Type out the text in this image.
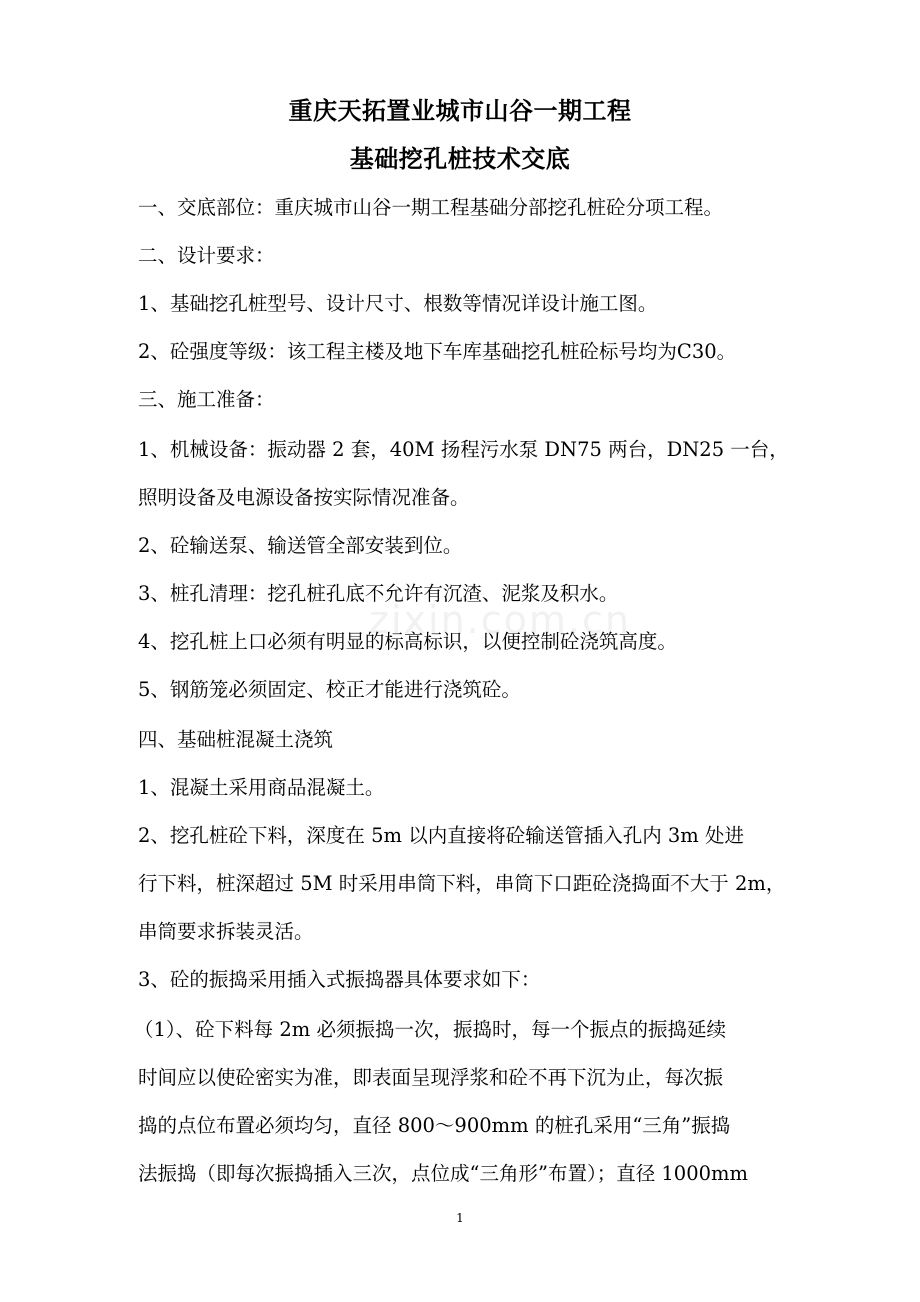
zixin.com.cn
重庆天拓置业城市山谷一期工程
基础挖孔桩技术交底
一、交底部位：重庆城市山谷一期工程基础分部挖孔桩砼分项工程。
二、设计要求：
1、基础挖孔桩型号、设计尺寸、根数等情况详设计施工图。
2、砼强度等级：该工程主楼及地下车库基础挖孔桩砼标号均为C30。
三、施工准备：
1、机械设备：振动器 2 套，40M 扬程污水泵 DN75 两台，DN25 一台，
照明设备及电源设备按实际情况准备。
2、砼输送泵、输送管全部安装到位。
3、桩孔清理：挖孔桩孔底不允许有沉渣、泥浆及积水。
4、挖孔桩上口必须有明显的标高标识，以便控制砼浇筑高度。
5、钢筋笼必须固定、校正才能进行浇筑砼。
四、基础桩混凝土浇筑
1、混凝土采用商品混凝土。
2、挖孔桩砼下料，深度在 5m 以内直接将砼输送管插入孔内 3m 处进
行下料，桩深超过 5M 时采用串筒下料，串筒下口距砼浇捣面不大于 2m，
串筒要求拆装灵活。
3、砼的振捣采用插入式振捣器具体要求如下：
（1）、砼下料每 2m 必须振捣一次，振捣时，每一个振点的振捣延续
时间应以使砼密实为准，即表面呈现浮浆和砼不再下沉为止，每次振
捣的点位布置必须均匀，直径 800～900mm 的桩孔采用“三角”振捣
法振捣（即每次振捣插入三次，点位成“三角形”布置）；直径 1000mm
1
